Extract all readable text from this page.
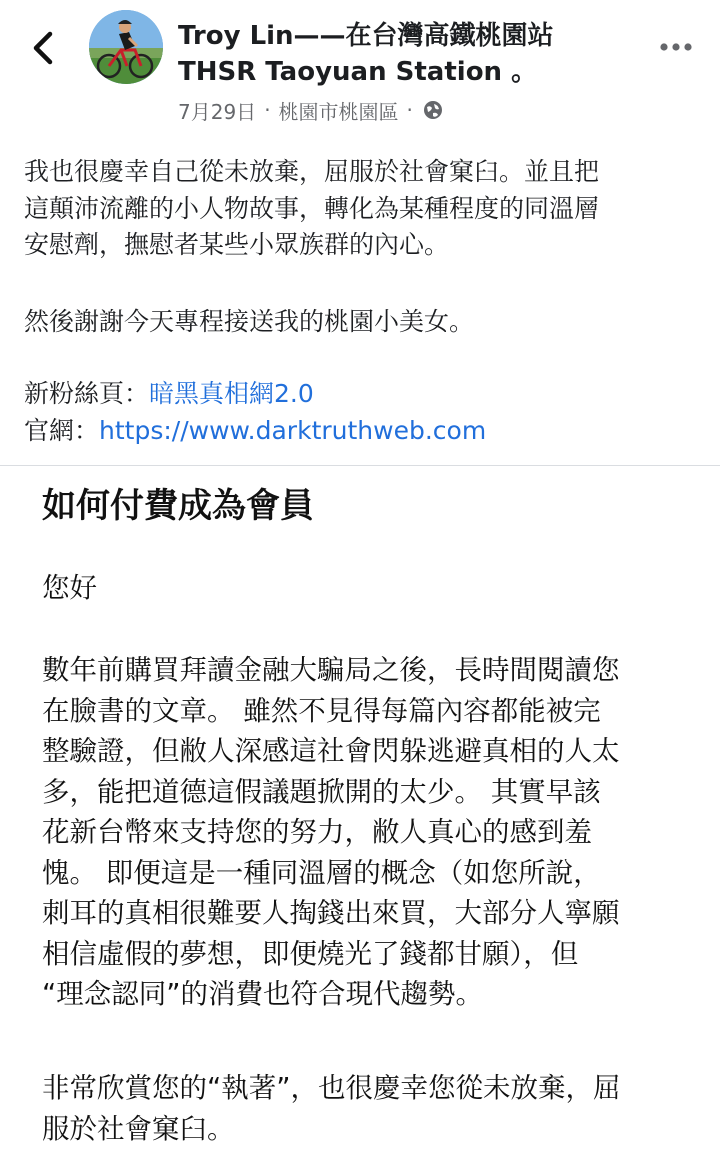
Troy Lin——在台灣高鐵桃園站
THSR Taoyuan Station 。
7月29日 · 桃園市桃園區 ·
我也很慶幸自己從未放棄，屈服於社會窠臼。並且把
這顛沛流離的小人物故事，轉化為某種程度的同溫層
安慰劑，撫慰者某些小眾族群的內心。
然後謝謝今天專程接送我的桃園小美女。
新粉絲頁：暗黑真相網2.0
官網：https://www.darktruthweb.com
如何付費成為會員
您好
數年前購買拜讀金融大騙局之後，長時間閱讀您
在臉書的文章。 雖然不見得每篇內容都能被完
整驗證，但敝人深感這社會閃躲逃避真相的人太
多，能把道德這假議題掀開的太少。 其實早該
花新台幣來支持您的努力，敝人真心的感到羞
愧。 即便這是一種同溫層的概念（如您所說，
刺耳的真相很難要人掏錢出來買，大部分人寧願
相信虛假的夢想，即便燒光了錢都甘願），但
“理念認同”的消費也符合現代趨勢。
非常欣賞您的“執著”，也很慶幸您從未放棄，屈
服於社會窠臼。
